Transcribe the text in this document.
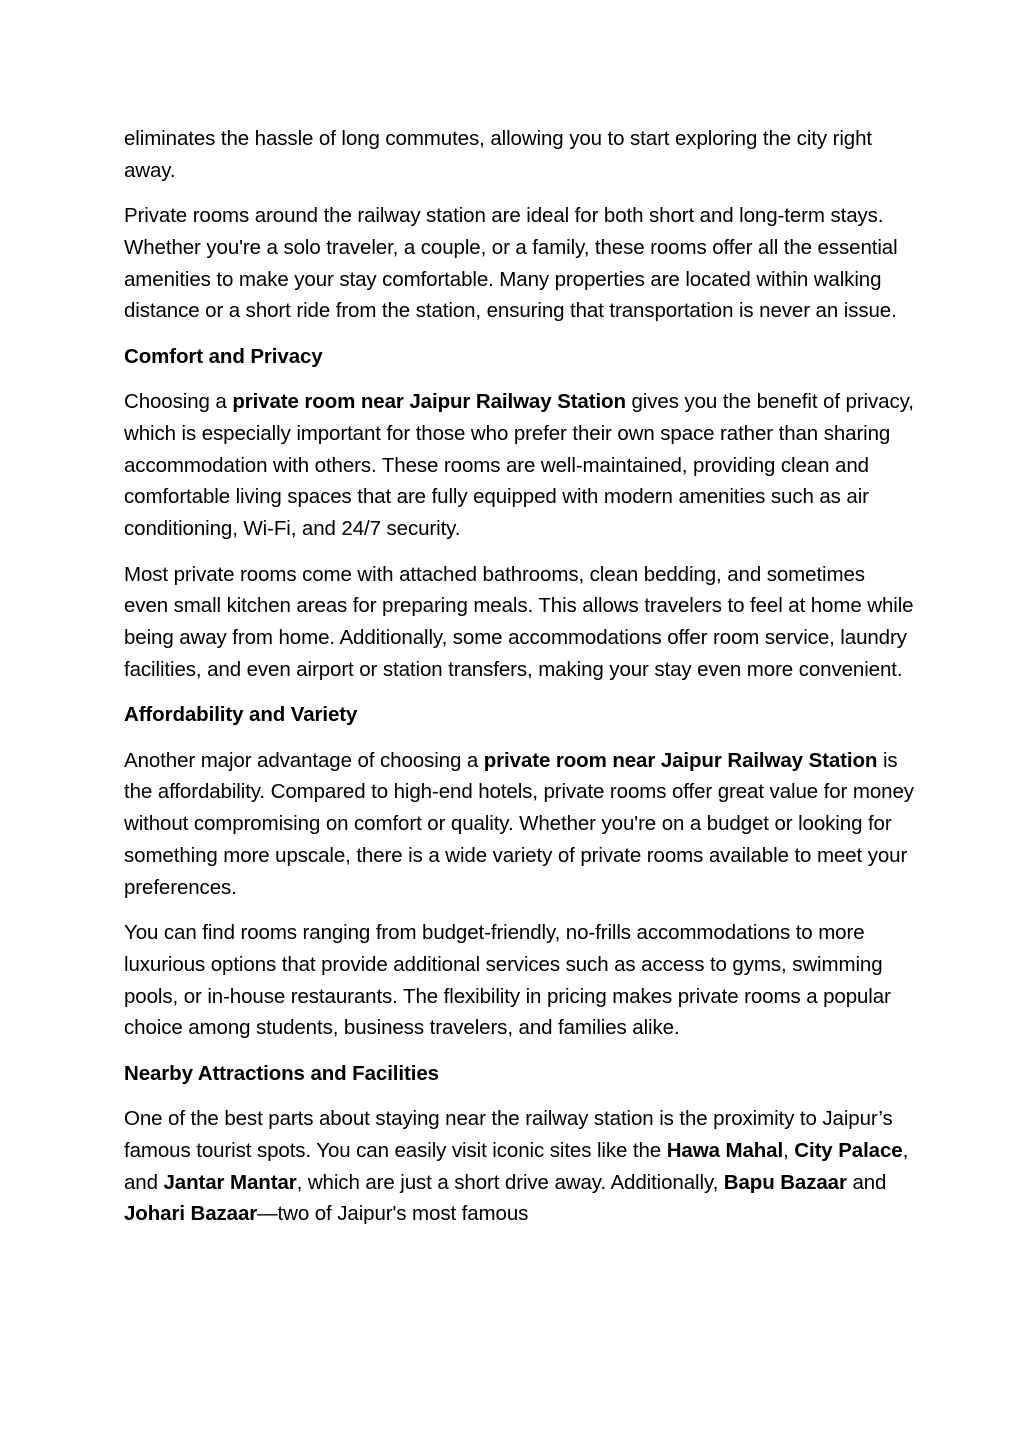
eliminates the hassle of long commutes, allowing you to start exploring the city right away.

Private rooms around the railway station are ideal for both short and long-term stays. Whether you're a solo traveler, a couple, or a family, these rooms offer all the essential amenities to make your stay comfortable. Many properties are located within walking distance or a short ride from the station, ensuring that transportation is never an issue.

Comfort and Privacy

Choosing a private room near Jaipur Railway Station gives you the benefit of privacy, which is especially important for those who prefer their own space rather than sharing accommodation with others. These rooms are well-maintained, providing clean and comfortable living spaces that are fully equipped with modern amenities such as air conditioning, Wi-Fi, and 24/7 security.

Most private rooms come with attached bathrooms, clean bedding, and sometimes even small kitchen areas for preparing meals. This allows travelers to feel at home while being away from home. Additionally, some accommodations offer room service, laundry facilities, and even airport or station transfers, making your stay even more convenient.

Affordability and Variety

Another major advantage of choosing a private room near Jaipur Railway Station is the affordability. Compared to high-end hotels, private rooms offer great value for money without compromising on comfort or quality. Whether you're on a budget or looking for something more upscale, there is a wide variety of private rooms available to meet your preferences.

You can find rooms ranging from budget-friendly, no-frills accommodations to more luxurious options that provide additional services such as access to gyms, swimming pools, or in-house restaurants. The flexibility in pricing makes private rooms a popular choice among students, business travelers, and families alike.

Nearby Attractions and Facilities

One of the best parts about staying near the railway station is the proximity to Jaipur’s famous tourist spots. You can easily visit iconic sites like the Hawa Mahal, City Palace, and Jantar Mantar, which are just a short drive away. Additionally, Bapu Bazaar and Johari Bazaar—two of Jaipur's most famous
